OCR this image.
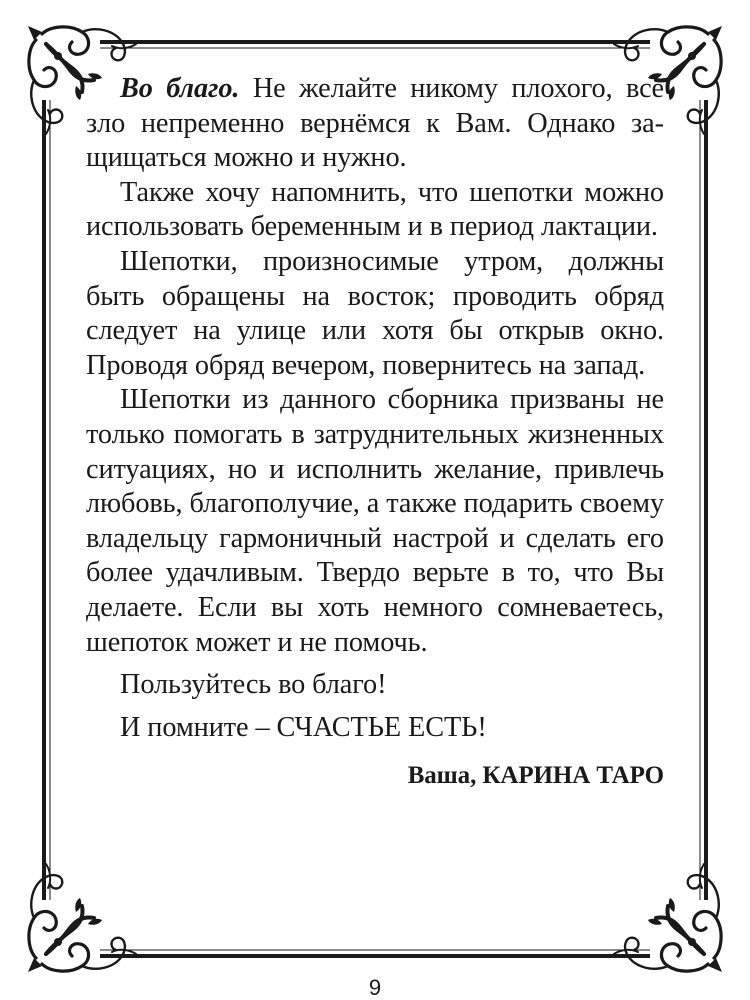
Во благо. Не желайте никому плохого, всё зло непременно вернёмся к Вам. Однако защищаться можно и нужно.

Также хочу напомнить, что шепотки можно использовать беременным и в период лактации.

Шепотки, произносимые утром, должны быть обращены на восток; проводить обряд следует на улице или хотя бы открыв окно. Проводя обряд вечером, повернитесь на запад.

Шепотки из данного сборника призваны не только помогать в затруднительных жизненных ситуациях, но и исполнить желание, привлечь любовь, благополучие, а также подарить своему владельцу гармоничный настрой и сделать его более удачливым. Твердо верьте в то, что Вы делаете. Если вы хоть немного сомневаетесь, шепоток может и не помочь.

Пользуйтесь во благо!

И помните – СЧАСТЬЕ ЕСТЬ!

Ваша, КАРИНА ТАРО

9
